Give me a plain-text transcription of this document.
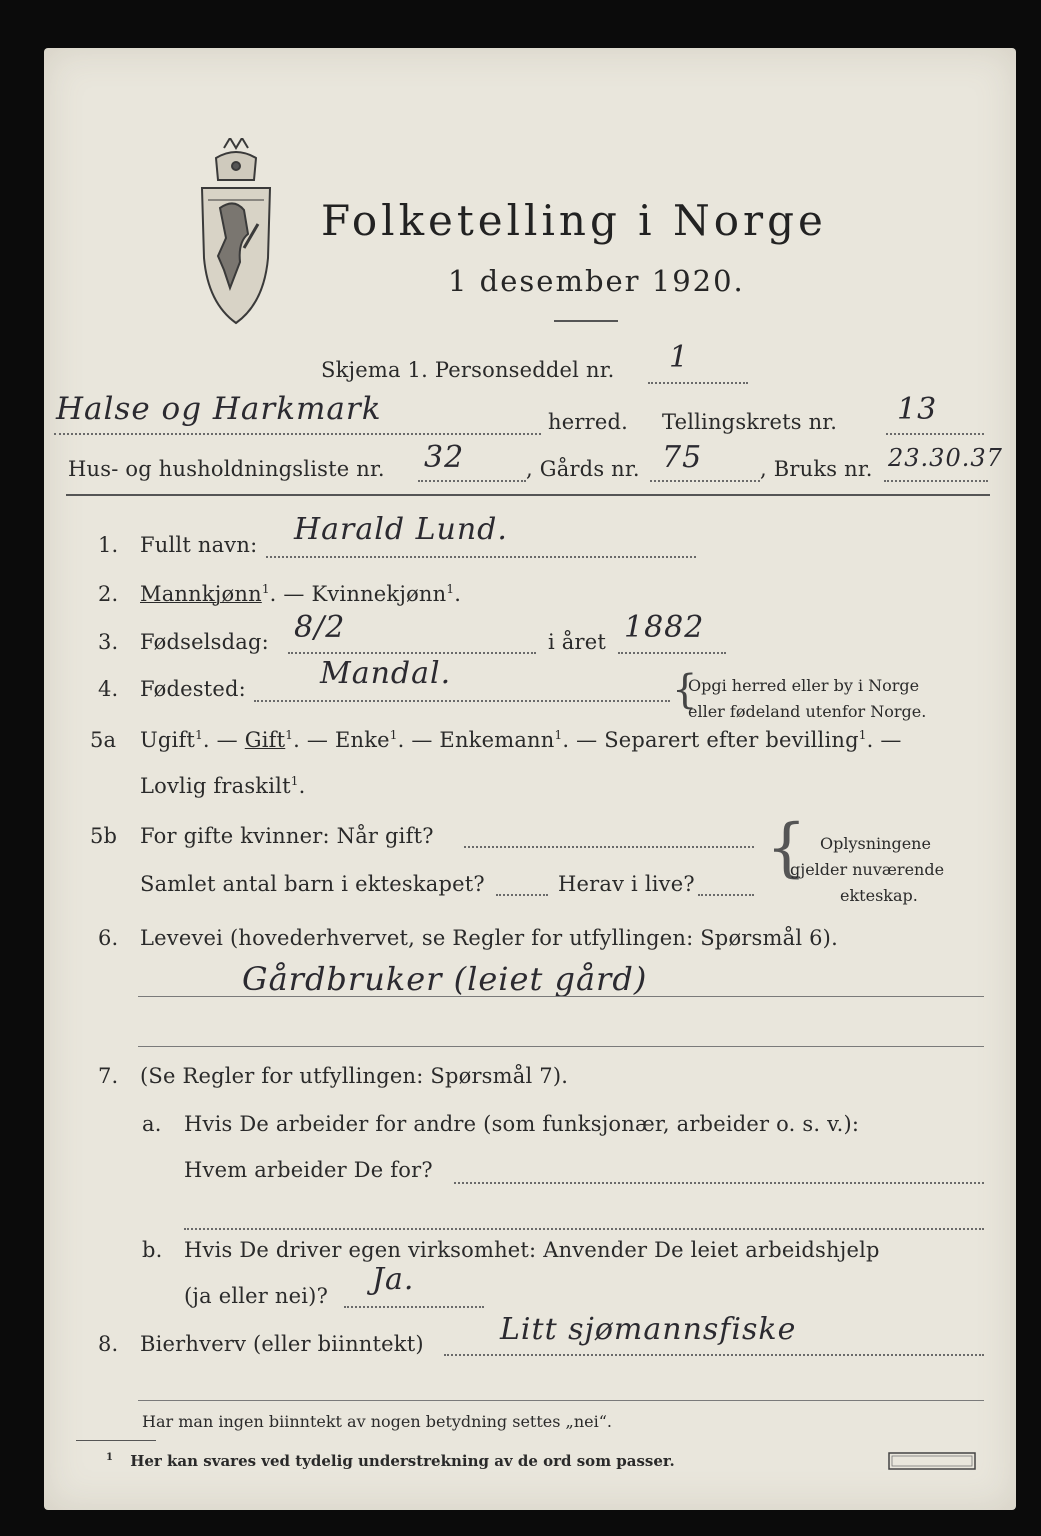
Folketelling i Norge
1 desember 1920.
Skjema 1. Personseddel nr. 1
Halse og Harkmark	herred. Tellingskrets nr. 13
Hus- og husholdningsliste nr. 32	, Gårds nr. 75	, Bruks nr. 23.30.37
1. Fullt navn: Harald Lund.
2. Mannkjønn$^1$. — Kvinnekjønn$^1$.
3. Fødselsdag: 8/2	i året 1882
4. Fødested: Mandal.	{
Opgi herred eller by i Norge
eller fødeland utenfor Norge.
5a Ugift$^1$. — Gift$^1$. — Enke$^1$. — Enkemann$^1$. — Separert efter bevilling$^1$. —
Lovlig fraskilt$^1$.
5b For gifte kvinner: Når gift?
Samlet antal barn i ekteskapet?	Herav i live? { Oplysningene
gjelder nuværende
ekteskap.
6. Levevei (hovederhvervet, se Regler for utfyllingen: Spørsmål 6).
Gårdbruker (leiet gård)
7. (Se Regler for utfyllingen: Spørsmål 7).
a. Hvis De arbeider for andre (som funksjonær, arbeider o. s. v.):
Hvem arbeider De for?
b. Hvis De driver egen virksomhet: Anvender De leiet arbeidshjelp
(ja eller nei)? Ja.
8. Bierhverv (eller biinntekt)	Litt sjømannsfiske
Har man ingen biinntekt av nogen betydning settes „nei“.
$^1$ Her kan svares ved tydelig understrekning av de ord som passer.
